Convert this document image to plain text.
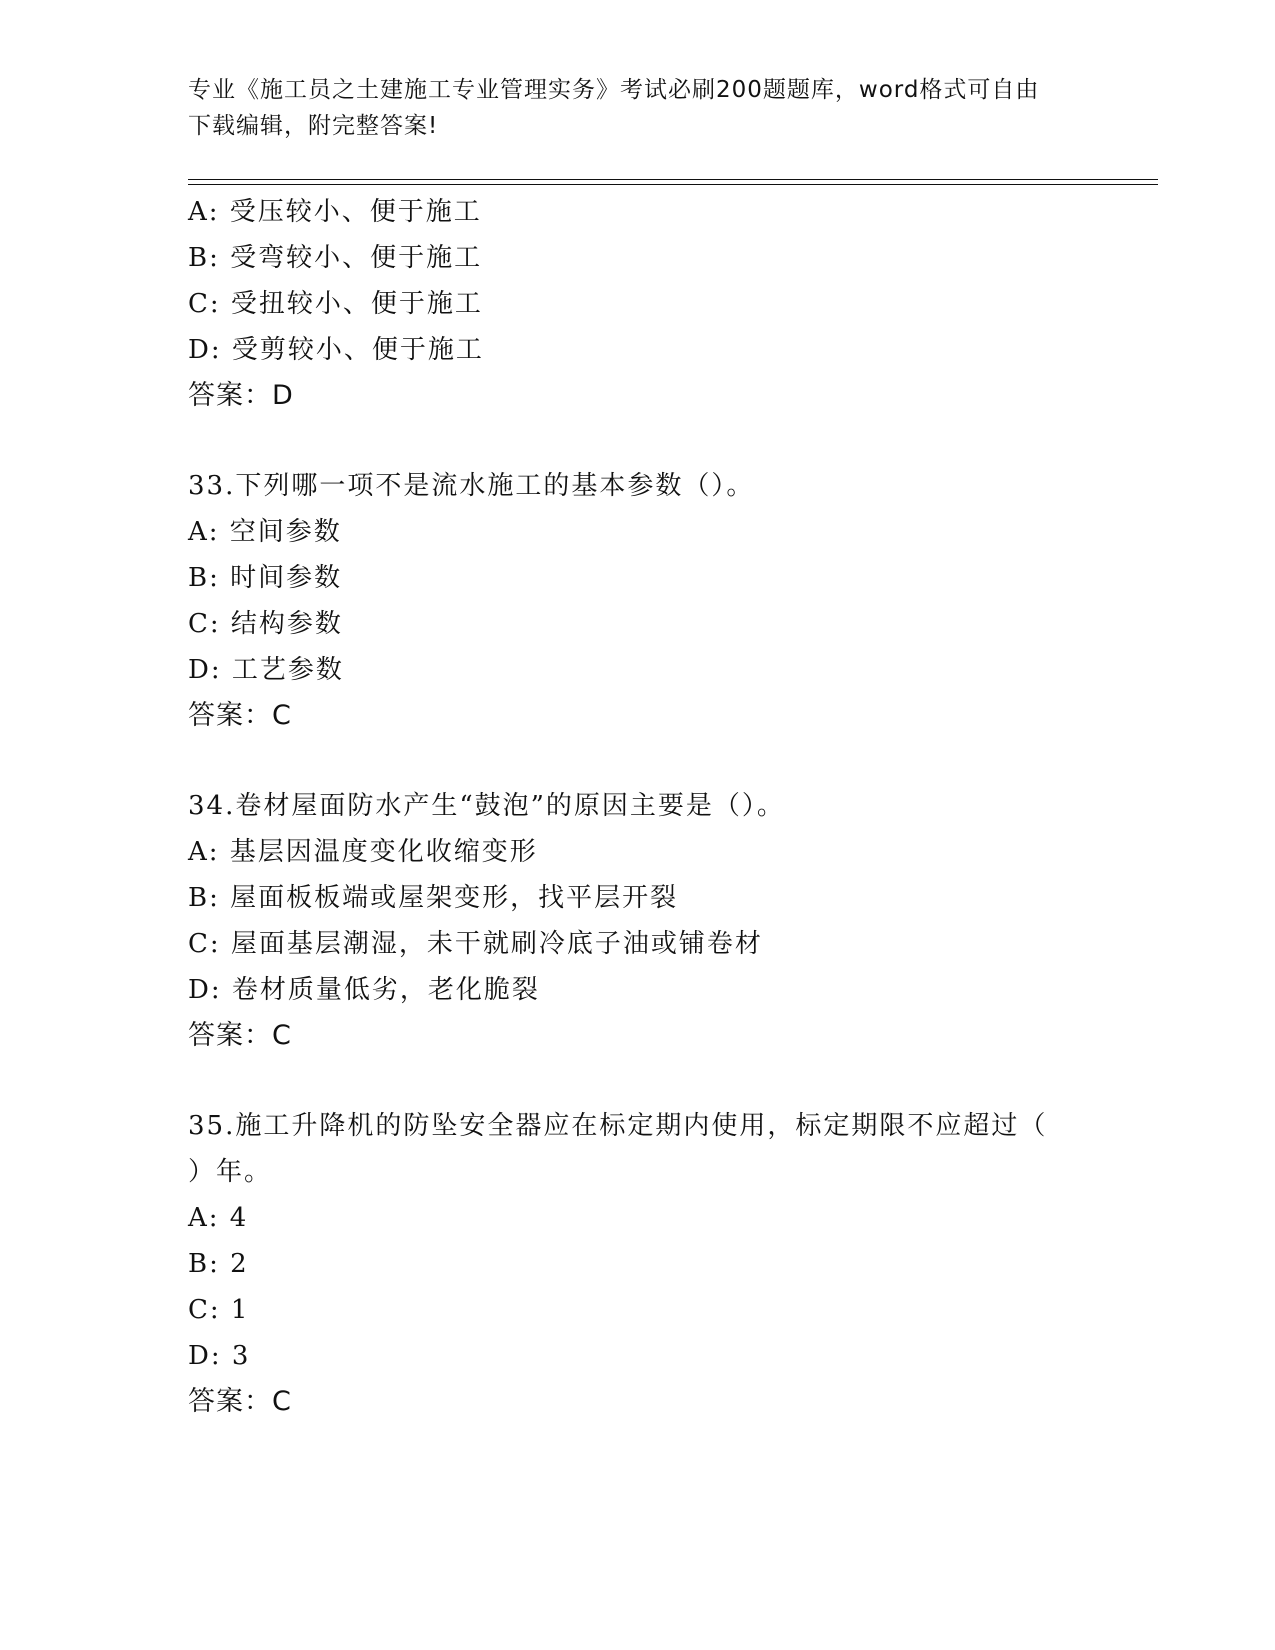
专业《施工员之土建施工专业管理实务》考试必刷200题题库，word格式可自由
下载编辑，附完整答案!
A: 受压较小、便于施工
B: 受弯较小、便于施工
C: 受扭较小、便于施工
D: 受剪较小、便于施工
答案：D
33.下列哪一项不是流水施工的基本参数（）。
A: 空间参数
B: 时间参数
C: 结构参数
D: 工艺参数
答案：C
34.卷材屋面防水产生“鼓泡”的原因主要是（）。
A: 基层因温度变化收缩变形
B: 屋面板板端或屋架变形，找平层开裂
C: 屋面基层潮湿，未干就刷冷底子油或铺卷材
D: 卷材质量低劣，老化脆裂
答案：C
35.施工升降机的防坠安全器应在标定期内使用，标定期限不应超过（
）年。
A: 4
B: 2
C: 1
D: 3
答案：C
